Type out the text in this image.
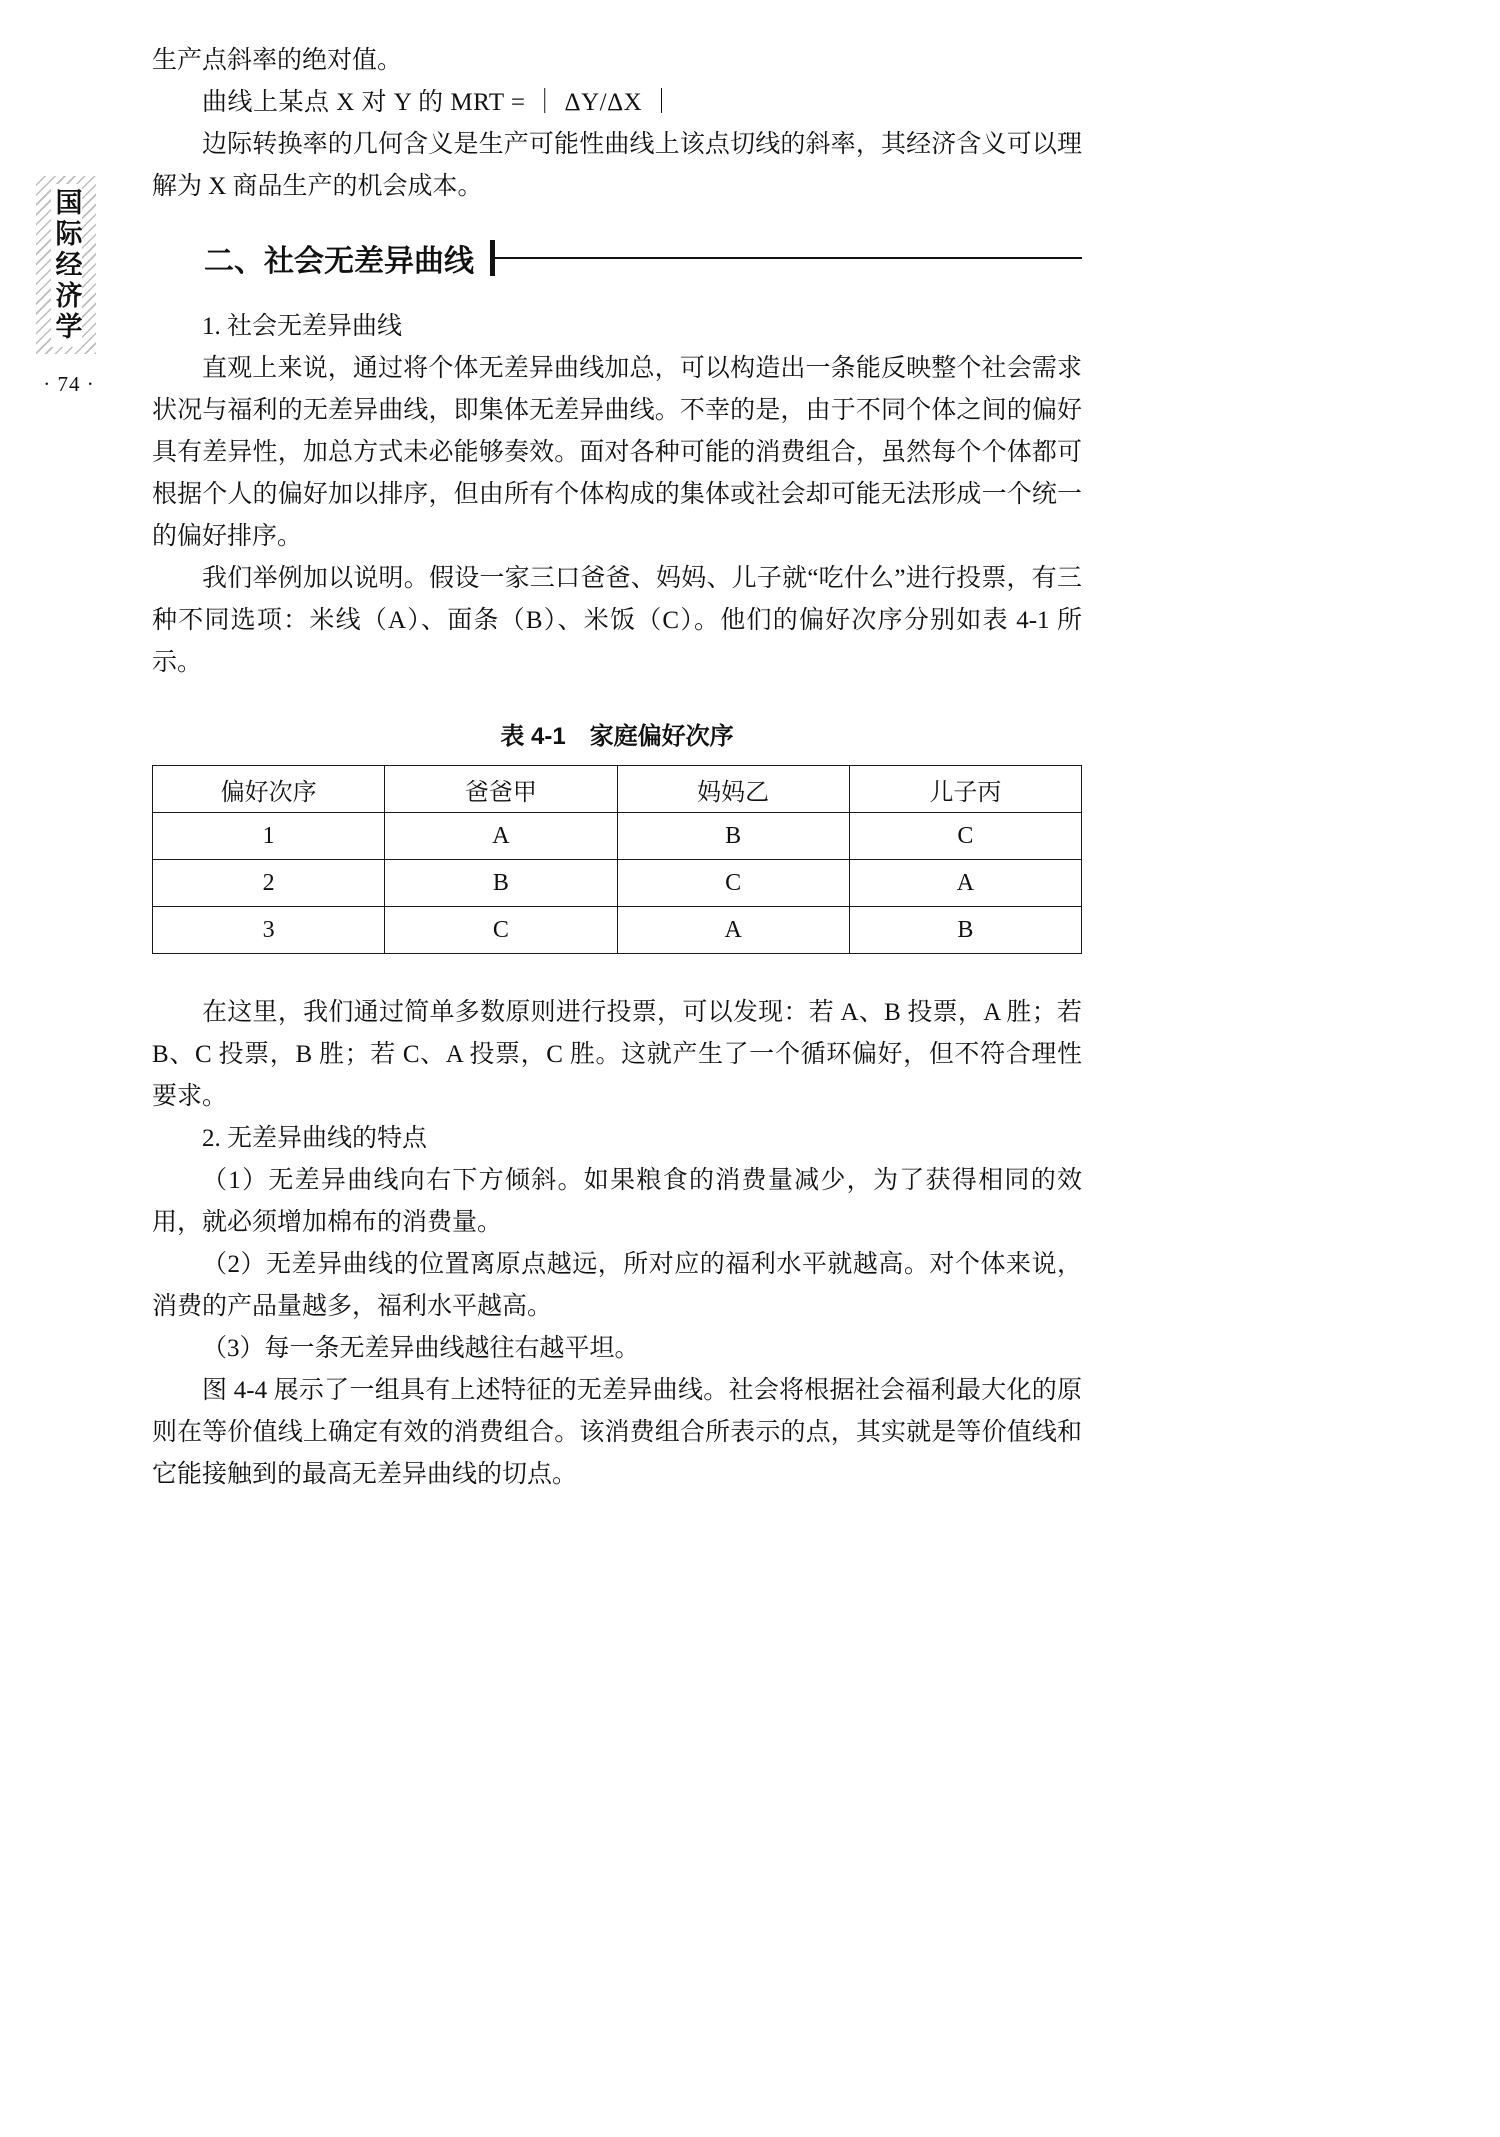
国际经济学
· 74 ·

生产点斜率的绝对值。

曲线上某点 X 对 Y 的 MRT = ｜ ΔY/ΔX ｜

边际转换率的几何含义是生产可能性曲线上该点切线的斜率，其经济含义可以理解为 X 商品生产的机会成本。

二、社会无差异曲线

1. 社会无差异曲线

直观上来说，通过将个体无差异曲线加总，可以构造出一条能反映整个社会需求状况与福利的无差异曲线，即集体无差异曲线。不幸的是，由于不同个体之间的偏好具有差异性，加总方式未必能够奏效。面对各种可能的消费组合，虽然每个个体都可根据个人的偏好加以排序，但由所有个体构成的集体或社会却可能无法形成一个统一的偏好排序。

我们举例加以说明。假设一家三口爸爸、妈妈、儿子就“吃什么”进行投票，有三种不同选项：米线（A）、面条（B）、米饭（C）。他们的偏好次序分别如表 4-1 所示。

表 4-1　家庭偏好次序
偏好次序	爸爸甲	妈妈乙	儿子丙
1	A	B	C
2	B	C	A
3	C	A	B

在这里，我们通过简单多数原则进行投票，可以发现：若 A、B 投票，A 胜；若 B、C 投票，B 胜；若 C、A 投票，C 胜。这就产生了一个循环偏好，但不符合理性要求。

2. 无差异曲线的特点

（1）无差异曲线向右下方倾斜。如果粮食的消费量减少，为了获得相同的效用，就必须增加棉布的消费量。

（2）无差异曲线的位置离原点越远，所对应的福利水平就越高。对个体来说，消费的产品量越多，福利水平越高。

（3）每一条无差异曲线越往右越平坦。

图 4-4 展示了一组具有上述特征的无差异曲线。社会将根据社会福利最大化的原则在等价值线上确定有效的消费组合。该消费组合所表示的点，其实就是等价值线和它能接触到的最高无差异曲线的切点。
